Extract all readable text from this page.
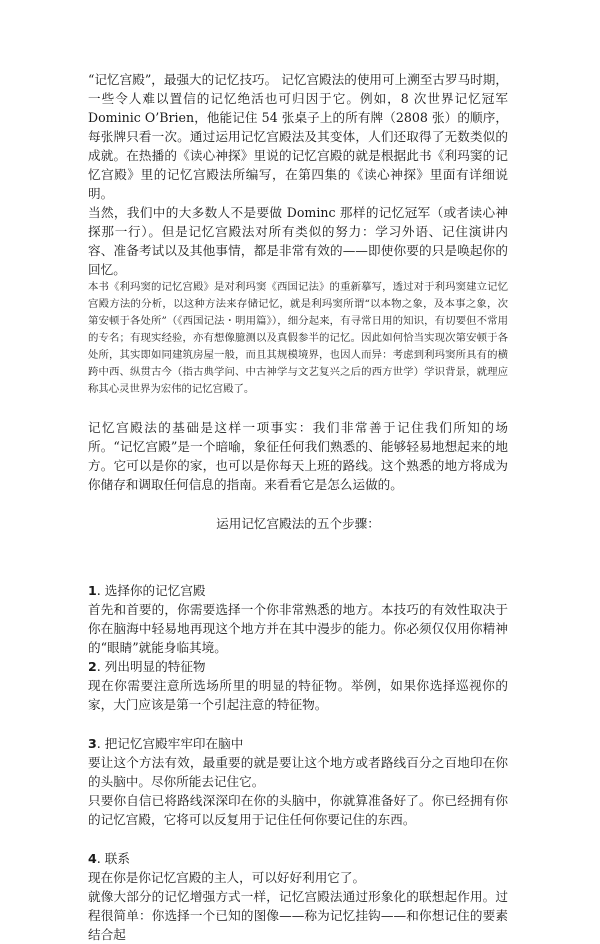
“记忆宫殿”，最强大的记忆技巧。 记忆宫殿法的使用可上溯至古罗马时期，一些令人难以置信的记忆绝活也可归因于它。例如，8 次世界记忆冠军 Dominic O’Brien，他能记住 54 张桌子上的所有牌（2808 张）的顺序，每张牌只看一次。通过运用记忆宫殿法及其变体，人们还取得了无数类似的成就。在热播的《读心神探》里说的记忆宫殿的就是根据此书《利玛窦的记忆宫殿》里的记忆宫殿法所编写，在第四集的《读心神探》里面有详细说明。

当然，我们中的大多数人不是要做 Dominc 那样的记忆冠军（或者读心神探那一行）。但是记忆宫殿法对所有类似的努力：学习外语、记住演讲内容、准备考试以及其他事情，都是非常有效的——即使你要的只是唤起你的回忆。

本书《利玛窦的记忆宫殿》是对利玛窦《西国记法》的重新摹写，透过对于利玛窦建立记忆宫殿方法的分析，以这种方法来存储记忆，就是利玛窦所谓“以本物之象，及本事之象，次第安顿于各处所”（《西国记法・明用篇》），细分起来，有寻常日用的知识，有切要但不常用的专名；有现实经验，亦有想像臆测以及真假参半的记忆。因此如何恰当实现次第安顿于各处所，其实即如同建筑房屋一般，而且其规模境界，也因人而异：考虑到利玛窦所具有的横跨中西、纵贯古今（指古典学问、中古神学与文艺复兴之后的西方世学）学识背景，就理应称其心灵世界为宏伟的记忆宫殿了。

记忆宫殿法的基础是这样一项事实：我们非常善于记住我们所知的场所。“记忆宫殿”是一个暗喻，象征任何我们熟悉的、能够轻易地想起来的地方。它可以是你的家，也可以是你每天上班的路线。这个熟悉的地方将成为你储存和调取任何信息的指南。来看看它是怎么运做的。

运用记忆宫殿法的五个步骤：

1. 选择你的记忆宫殿

首先和首要的，你需要选择一个你非常熟悉的地方。本技巧的有效性取决于你在脑海中轻易地再现这个地方并在其中漫步的能力。你必须仅仅用你精神的“眼睛”就能身临其境。

2. 列出明显的特征物

现在你需要注意所选场所里的明显的特征物。举例，如果你选择巡视你的家，大门应该是第一个引起注意的特征物。

3. 把记忆宫殿牢牢印在脑中

要让这个方法有效，最重要的就是要让这个地方或者路线百分之百地印在你的头脑中。尽你所能去记住它。

只要你自信已将路线深深印在你的头脑中，你就算准备好了。你已经拥有你的记忆宫殿，它将可以反复用于记住任何你要记住的东西。

4. 联系

现在你是你记忆宫殿的主人，可以好好利用它了。

就像大部分的记忆增强方式一样，记忆宫殿法通过形象化的联想起作用。过程很简单：你选择一个已知的图像——称为记忆挂钩——和你想记住的要素结合起
